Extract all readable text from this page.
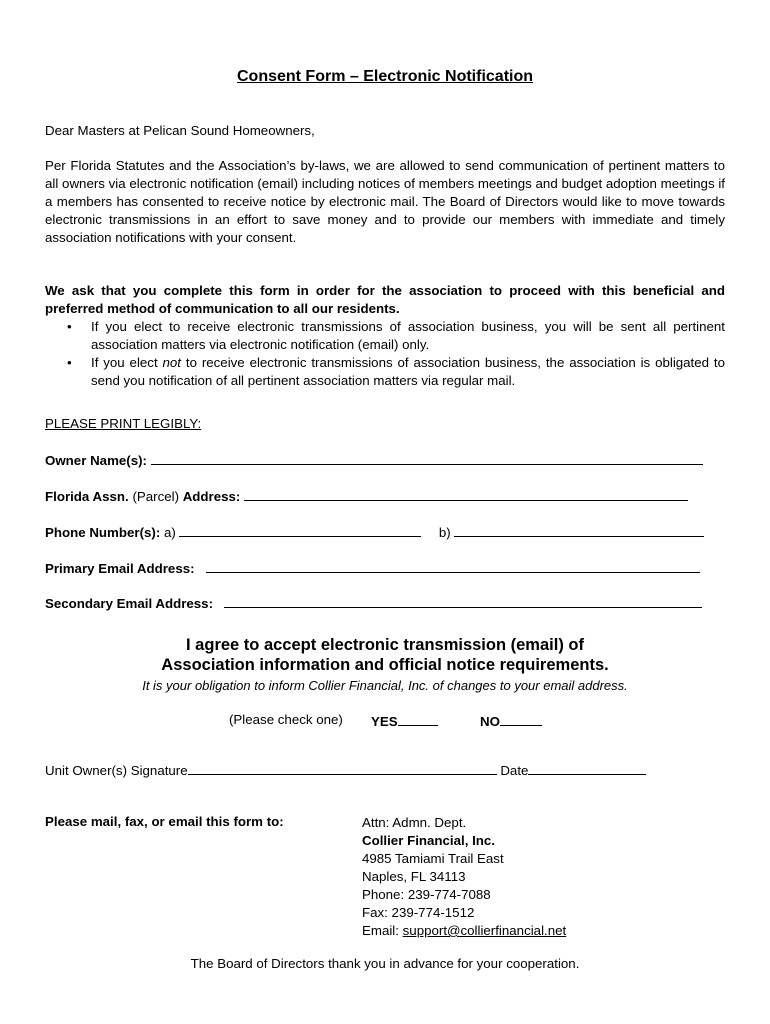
Consent Form – Electronic Notification
Dear Masters at Pelican Sound Homeowners,
Per Florida Statutes and the Association’s by-laws, we are allowed to send communication of pertinent matters to all owners via electronic notification (email) including notices of members meetings and budget adoption meetings if a members has consented to receive notice by electronic mail. The Board of Directors would like to move towards electronic transmissions in an effort to save money and to provide our members with immediate and timely association notifications with your consent.
We ask that you complete this form in order for the association to proceed with this beneficial and preferred method of communication to all our residents.
• If you elect to receive electronic transmissions of association business, you will be sent all pertinent association matters via electronic notification (email) only.
• If you elect not to receive electronic transmissions of association business, the association is obligated to send you notification of all pertinent association matters via regular mail.
PLEASE PRINT LEGIBLY:
Owner Name(s):
Florida Assn. (Parcel) Address:
Phone Number(s): a)	b)
Primary Email Address:
Secondary Email Address:
I agree to accept electronic transmission (email) of
Association information and official notice requirements.
It is your obligation to inform Collier Financial, Inc. of changes to your email address.
(Please check one) YES	NO
Unit Owner(s) Signature	Date
Please mail, fax, or email this form to:	Attn: Admn. Dept.
Collier Financial, Inc.
4985 Tamiami Trail East
Naples, FL 34113
Phone: 239-774-7088
Fax: 239-774-1512
Email: support@collierfinancial.net
The Board of Directors thank you in advance for your cooperation.
